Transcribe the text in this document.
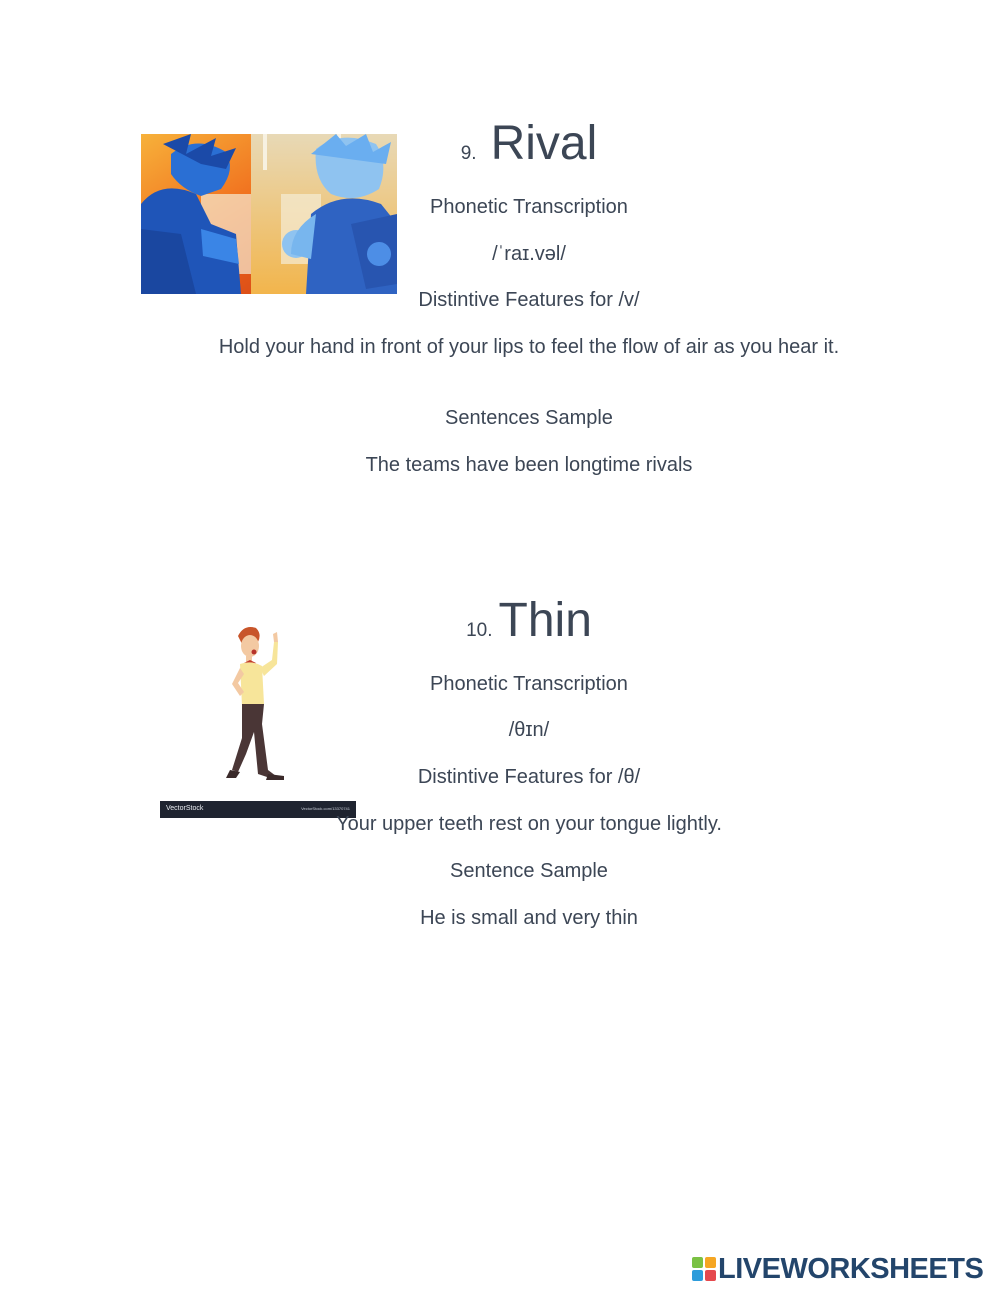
9. Rival
Phonetic Transcription
/ˈraɪ.vəl/
Distintive Features for /v/
Hold your hand in front of your lips to feel the flow of air as you hear it.
Sentences Sample
The teams have been longtime rivals
VectorStock	VectorStock.com/13370741
10. Thin
Phonetic Transcription
/θɪn/
Distintive Features for /θ/
Your upper teeth rest on your tongue lightly.
Sentence Sample
He is small and very thin
LIVEWORKSHEETS
